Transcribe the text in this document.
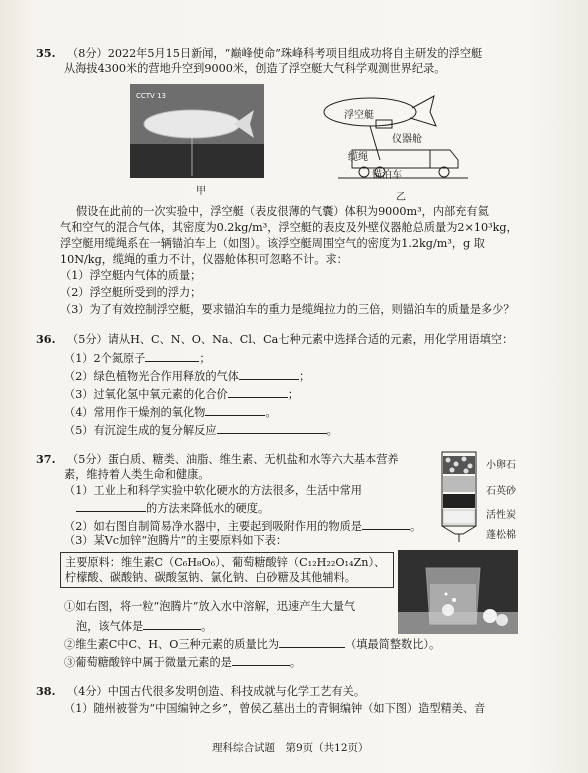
35. （8分）2022年5月15日新闻，“巅峰使命”珠峰科考项目组成功将自主研发的浮空艇
从海拔4300米的营地升空到9000米，创造了浮空艇大气科学观测世界纪录。
CCTV 13
甲
浮空艇
仪器舱
缆绳
锚泊车
乙
假设在此前的一次实验中，浮空艇（表皮很薄的气囊）体积为9000m³，内部充有氦
气和空气的混合气体，其密度为0.2kg/m³，浮空艇的表皮及外壁仪器舱总质量为2×10³kg，
浮空艇用缆绳系在一辆锚泊车上（如图）。该浮空艇周围空气的密度为1.2kg/m³，g 取
10N/kg，缆绳的重力不计，仪器舱体积可忽略不计。求：
（1）浮空艇内气体的质量；
（2）浮空艇所受到的浮力；
（3）为了有效控制浮空艇，要求锚泊车的重力是缆绳拉力的三倍，则锚泊车的质量是多少？
36. （5分）请从H、C、N、O、Na、Cl、Ca七种元素中选择合适的元素，用化学用语填空：
（1）2个氮原子	；
（2）绿色植物光合作用释放的气体	；
（3）过氧化氢中氧元素的化合价	；
（4）常用作干燥剂的氧化物	。
（5）有沉淀生成的复分解反应	。
37. （5分）蛋白质、糖类、油脂、维生素、无机盐和水等六大基本营养
素，维持着人类生命和健康。
（1）工业上和科学实验中软化硬水的方法很多，生活中常用
的方法来降低水的硬度。
（2）如右图自制简易净水器中，主要起到吸附作用的物质是	。
（3）某Vc加锌“泡腾片”的主要原料如下表：
小卵石
石英砂
活性炭
蓬松棉
主要原料：维生素C（C₆H₈O₆）、葡萄糖酸锌（C₁₂H₂₂O₁₄Zn）、
柠檬酸、碳酸钠、碳酸氢钠、氯化钠、白砂糖及其他辅料。
①如右图，将一粒“泡腾片”放入水中溶解，迅速产生大量气
泡，该气体是	。
②维生素C中C、H、O三种元素的质量比为	（填最简整数比）。
③葡萄糖酸锌中属于微量元素的是	。
38. （4分）中国古代很多发明创造、科技成就与化学工艺有关。
（1）随州被誉为“中国编钟之乡”，曾侯乙墓出土的青铜编钟（如下图）造型精美、音
理科综合试题　第9页（共12页）
